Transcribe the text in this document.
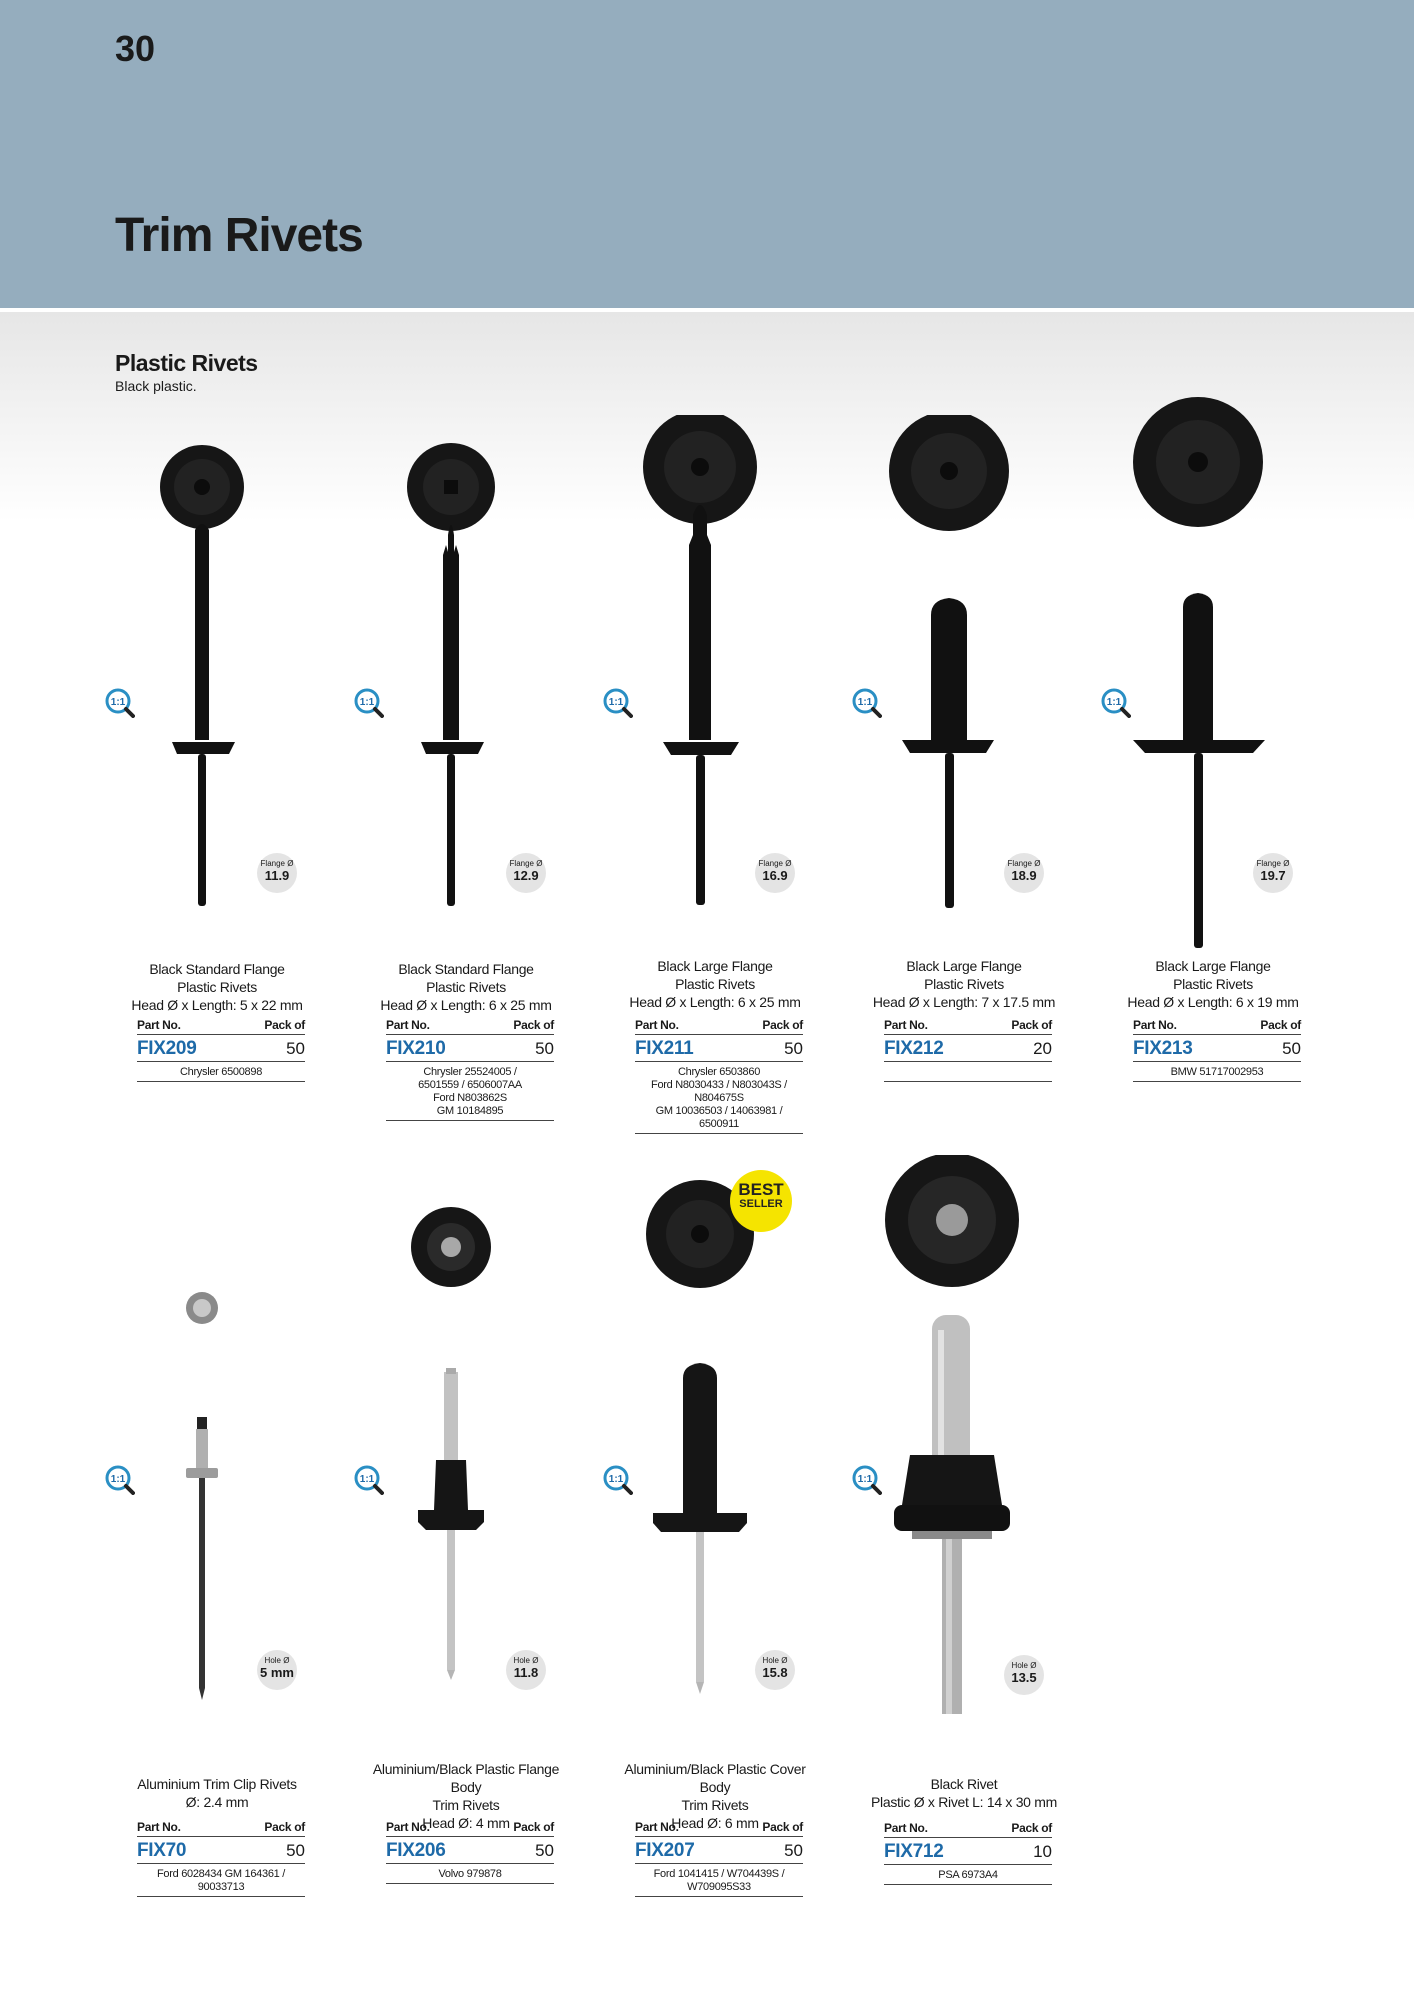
30
Trim Rivets
Plastic Rivets
Black plastic.
1:1
Flange Ø
11.9
Black Standard Flange
Plastic Rivets
Head Ø x Length: 5 x 22 mm
Part No.	Pack of
FIX209	50
Chrysler 6500898
1:1
Flange Ø
12.9
Black Standard Flange
Plastic Rivets
Head Ø x Length: 6 x 25 mm
Part No.	Pack of
FIX210	50
Chrysler 25524005 /
6501559 / 6506007AA
Ford N803862S
GM 10184895
1:1
Flange Ø
16.9
Black Large Flange
Plastic Rivets
Head Ø x Length: 6 x 25 mm
Part No.	Pack of
FIX211	50
Chrysler 6503860
Ford N8030433 / N803043S /
N804675S
GM 10036503 / 14063981 / 6500911
1:1
Flange Ø
18.9
Black Large Flange
Plastic Rivets
Head Ø x Length: 7 x 17.5 mm
Part No.	Pack of
FIX212	20
1:1
Flange Ø
19.7
Black Large Flange
Plastic Rivets
Head Ø x Length: 6 x 19 mm
Part No.	Pack of
FIX213	50
BMW 51717002953
1:1
Hole Ø
5 mm
Aluminium Trim Clip Rivets
Ø: 2.4 mm
Part No.	Pack of
FIX70	50
Ford 6028434 GM 164361 /
90033713
1:1
Hole Ø
11.8
Aluminium/Black Plastic Flange Body
Trim Rivets
Head Ø: 4 mm
Part No.	Pack of
FIX206	50
Volvo 979878
1:1
Hole Ø
15.8
Aluminium/Black Plastic Cover Body
Trim Rivets
Head Ø: 6 mm
Part No.	Pack of
FIX207	50
Ford 1041415 / W704439S /
W709095S33
BEST
SELLER
1:1
Hole Ø
13.5
Black Rivet
Plastic Ø x Rivet L: 14 x 30 mm
Part No.	Pack of
FIX712	10
PSA 6973A4
